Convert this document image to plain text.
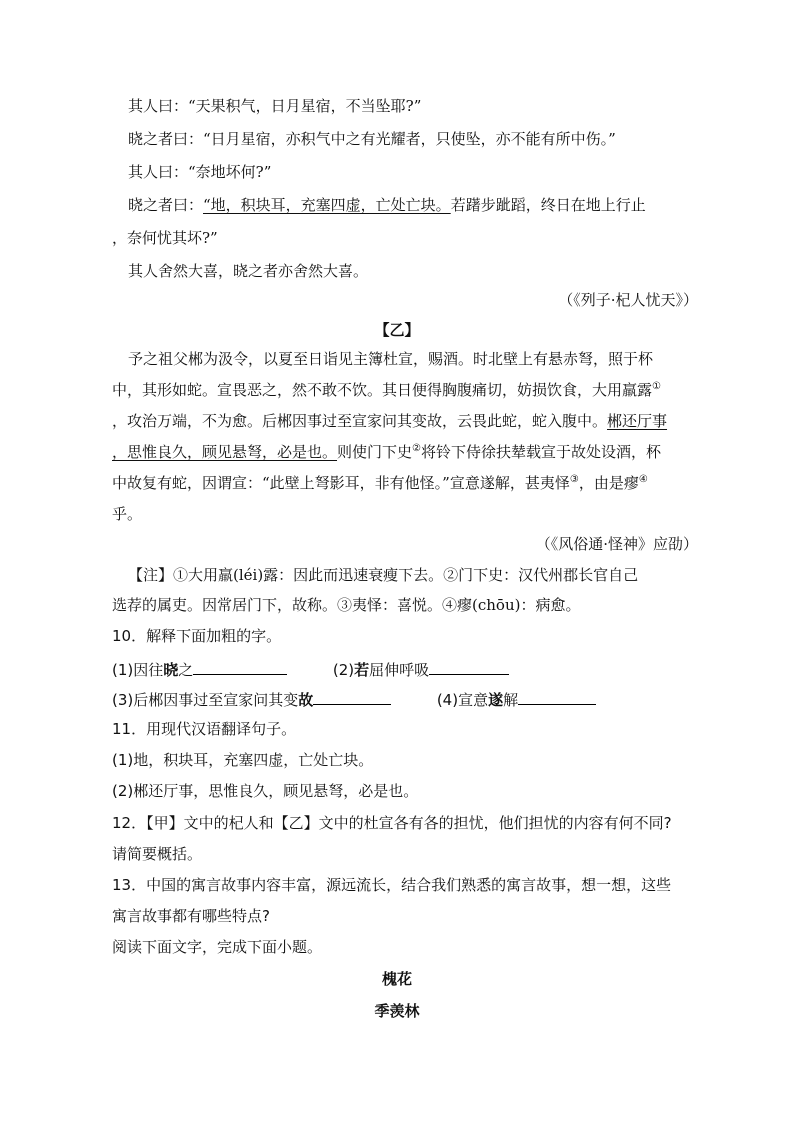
其人曰：“天果积气，日月星宿，不当坠耶?”
晓之者曰：“日月星宿，亦积气中之有光耀者，只使坠，亦不能有所中伤。”
其人曰：“奈地坏何?”
晓之者曰：“地，积块耳，充塞四虚，亡处亡块。若躇步跐蹈，终日在地上行止
，奈何忧其坏?”
其人舍然大喜，晓之者亦舍然大喜。
（《列子·杞人忧天》）
【乙】
予之祖父郴为汲令，以夏至日诣见主簿杜宣，赐酒。时北壁上有悬赤弩，照于杯
中，其形如蛇。宣畏恶之，然不敢不饮。其日便得胸腹痛切，妨损饮食，大用羸露①
，攻治万端，不为愈。后郴因事过至宣家问其变故，云畏此蛇，蛇入腹中。郴还厅事
，思惟良久，顾见悬弩，必是也。则使门下史②将铃下侍徐扶辇载宣于故处设酒，杯
中故复有蛇，因谓宣：“此壁上弩影耳，非有他怪。”宣意遂解，甚夷怿③，由是瘳④
乎。
（《风俗通·怪神》应劭）
【注】①大用羸(léi)露：因此而迅速衰瘦下去。②门下史：汉代州郡长官自己
选荐的属吏。因常居门下，故称。③夷怿：喜悦。④瘳(chōu)：病愈。
10．解释下面加粗的字。
(1)因往晓之	(2)若屈伸呼吸
(3)后郴因事过至宣家问其变故	(4)宣意遂解
11．用现代汉语翻译句子。
(1)地，积块耳，充塞四虚，亡处亡块。
(2)郴还厅事，思惟良久，顾见悬弩，必是也。
12．【甲】文中的杞人和【乙】文中的杜宣各有各的担忧，他们担忧的内容有何不同?
请简要概括。
13．中国的寓言故事内容丰富，源远流长，结合我们熟悉的寓言故事，想一想，这些
寓言故事都有哪些特点?
阅读下面文字，完成下面小题。
槐花
季羡林
